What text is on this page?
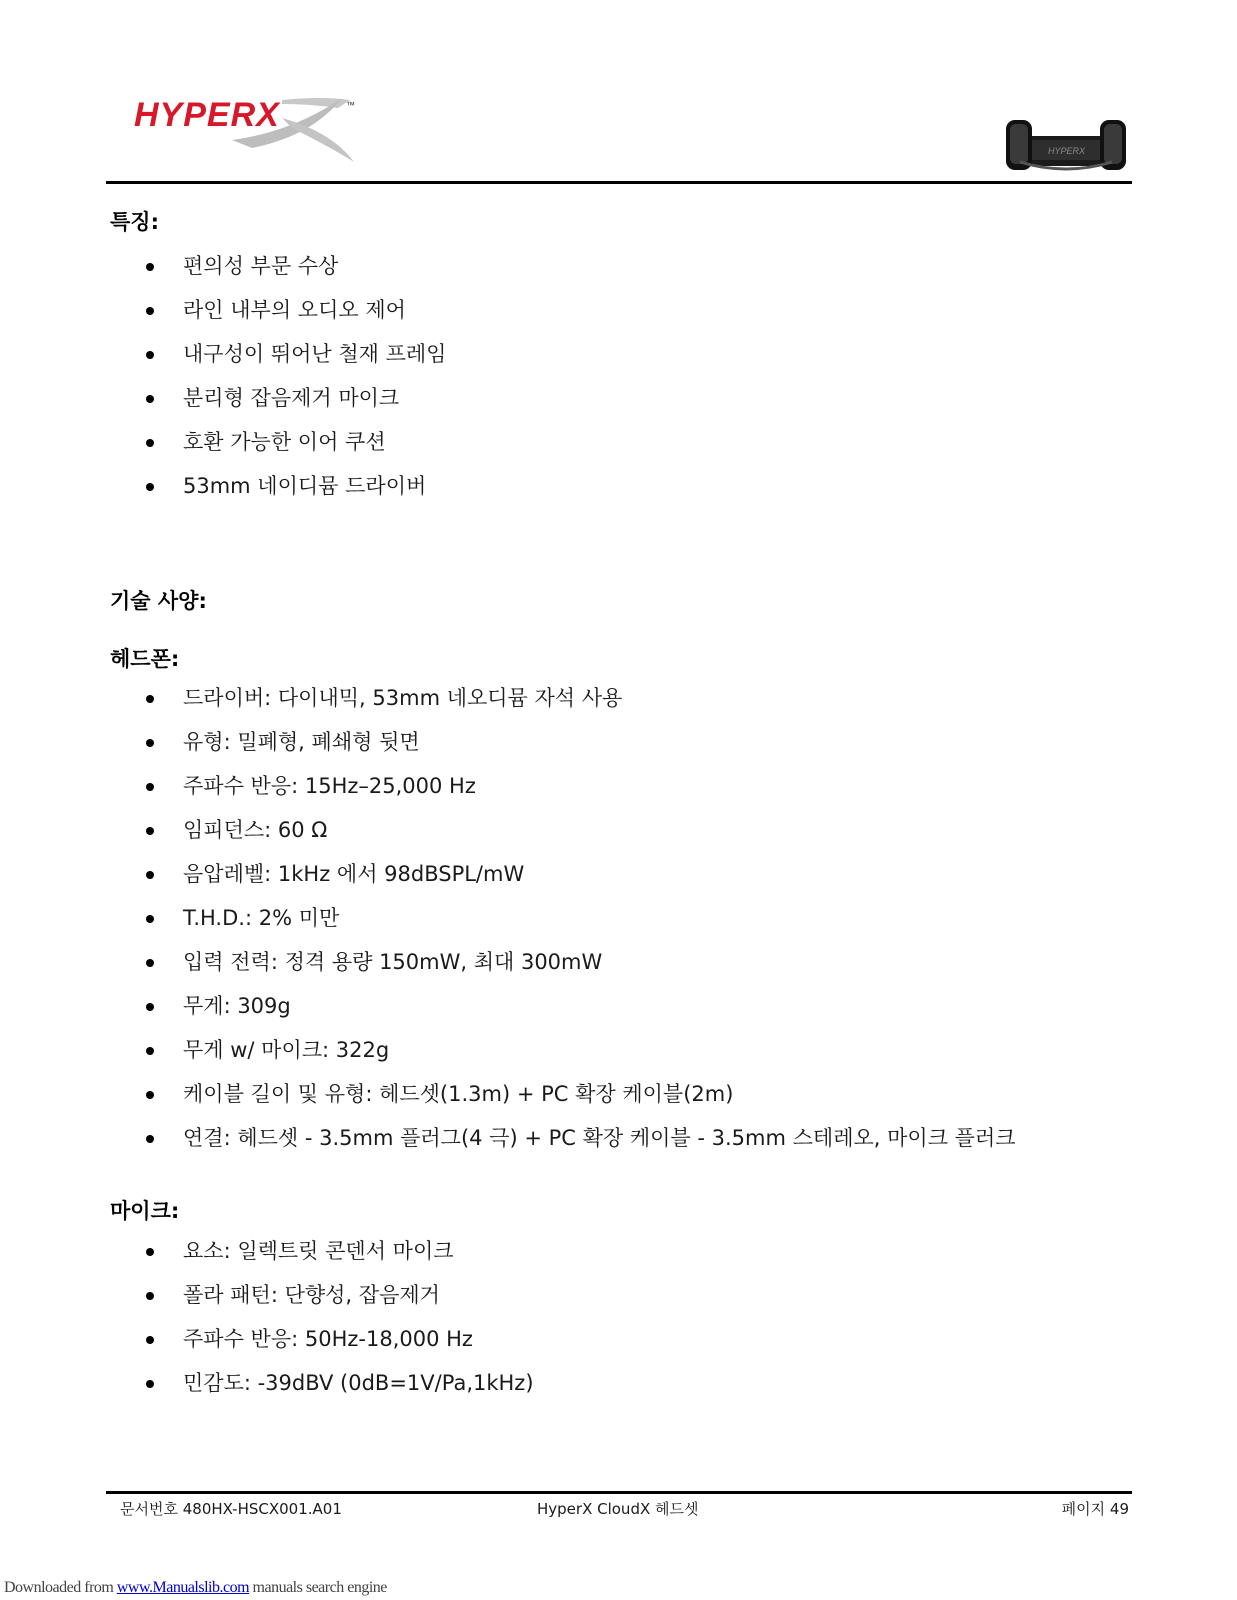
HYPERX	™
HYPERX
특징:
편의성 부문 수상
라인 내부의 오디오 제어
내구성이 뛰어난 철재 프레임
분리형 잡음제거 마이크
호환 가능한 이어 쿠션
53mm 네이디뮴 드라이버
기술 사양:
헤드폰:
드라이버: 다이내믹, 53mm 네오디뮴 자석 사용
유형: 밀폐형, 폐쇄형 뒷면
주파수 반응: 15Hz–25,000 Hz
임피던스: 60 Ω
음압레벨: 1kHz 에서 98dBSPL/mW
T.H.D.: 2% 미만
입력 전력: 정격 용량 150mW, 최대 300mW
무게: 309g
무게 w/ 마이크: 322g
케이블 길이 및 유형: 헤드셋(1.3m) + PC 확장 케이블(2m)
연결: 헤드셋 - 3.5mm 플러그(4 극) + PC 확장 케이블 - 3.5mm 스테레오, 마이크 플러크
마이크:
요소: 일렉트릿 콘덴서 마이크
폴라 패턴: 단향성, 잡음제거
주파수 반응: 50Hz-18,000 Hz
민감도: -39dBV (0dB=1V/Pa,1kHz)
문서번호 480HX-HSCX001.A01	HyperX CloudX 헤드셋	페이지 49
Downloaded from www.Manualslib.com manuals search engine
